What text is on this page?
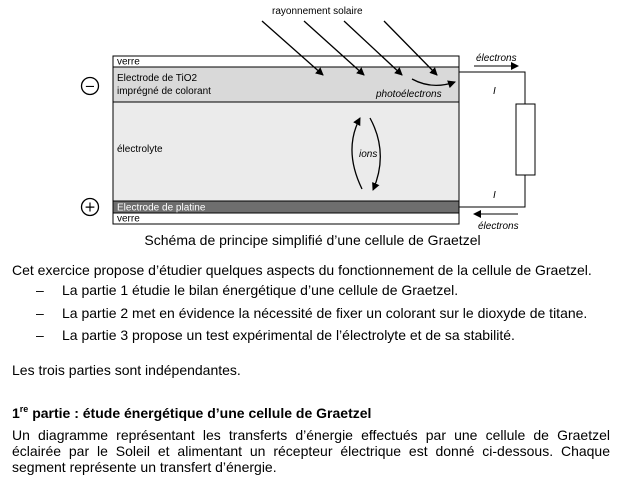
−
+
rayonnement solaire
verre
Electrode de TiO2
imprégné de colorant	photoélectrons
électrolyte	ions
Electrode de platine
verre
électrons
électrons
I
I
Schéma de principe simplifié d’une cellule de Graetzel
Cet exercice propose d’étudier quelques aspects du fonctionnement de la cellule de Graetzel.
– La partie 1 étudie le bilan énergétique d’une cellule de Graetzel.
– La partie 2 met en évidence la nécessité de fixer un colorant sur le dioxyde de titane.
– La partie 3 propose un test expérimental de l’électrolyte et de sa stabilité.
Les trois parties sont indépendantes.
1re partie : étude énergétique d’une cellule de Graetzel
Un diagramme représentant les transferts d’énergie effectués par une cellule de Graetzel
éclairée par le Soleil et alimentant un récepteur électrique est donné ci-dessous. Chaque
segment représente un transfert d’énergie.
